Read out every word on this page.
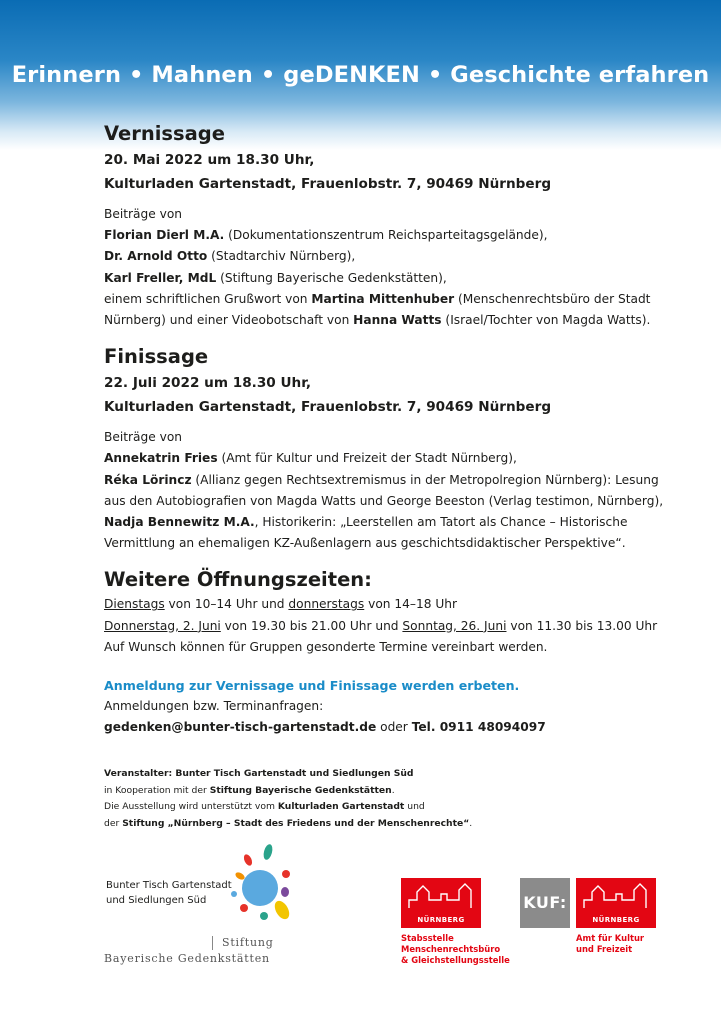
Erinnern • Mahnen • geDENKEN • Geschichte erfahren
Vernissage
20. Mai 2022 um 18.30 Uhr,
Kulturladen Gartenstadt, Frauenlobstr. 7, 90469 Nürnberg
Beiträge von
Florian Dierl M.A. (Dokumentationszentrum Reichsparteitagsgelände),
Dr. Arnold Otto (Stadtarchiv Nürnberg),
Karl Freller, MdL (Stiftung Bayerische Gedenkstätten),
einem schriftlichen Grußwort von Martina Mittenhuber (Menschenrechtsbüro der Stadt
Nürnberg) und einer Videobotschaft von Hanna Watts (Israel/Tochter von Magda Watts).
Finissage
22. Juli 2022 um 18.30 Uhr,
Kulturladen Gartenstadt, Frauenlobstr. 7, 90469 Nürnberg
Beiträge von
Annekatrin Fries (Amt für Kultur und Freizeit der Stadt Nürnberg),
Réka Lörincz (Allianz gegen Rechtsextremismus in der Metropolregion Nürnberg): Lesung
aus den Autobiografien von Magda Watts und George Beeston (Verlag testimon, Nürnberg),
Nadja Bennewitz M.A., Historikerin: „Leerstellen am Tatort als Chance – Historische
Vermittlung an ehemaligen KZ-Außenlagern aus geschichtsdidaktischer Perspektive“.
Weitere Öffnungszeiten:
Dienstags von 10–14 Uhr und donnerstags von 14–18 Uhr
Donnerstag, 2. Juni von 19.30 bis 21.00 Uhr und Sonntag, 26. Juni von 11.30 bis 13.00 Uhr
Auf Wunsch können für Gruppen gesonderte Termine vereinbart werden.
Anmeldung zur Vernissage und Finissage werden erbeten.
Anmeldungen bzw. Terminanfragen:
gedenken@bunter-tisch-gartenstadt.de oder Tel. 0911 48094097
Veranstalter: Bunter Tisch Gartenstadt und Siedlungen Süd
in Kooperation mit der Stiftung Bayerische Gedenkstätten.
Die Ausstellung wird unterstützt vom Kulturladen Gartenstadt und
der Stiftung „Nürnberg – Stadt des Friedens und der Menschenrechte“.
Bunter Tisch Gartenstadt
und Siedlungen Süd
Stiftung
Bayerische Gedenkstätten
NÜRNBERG
Stabsstelle
Menschenrechtsbüro
& Gleichstellungsstelle
KUF:
NÜRNBERG
Amt für Kultur
und Freizeit
